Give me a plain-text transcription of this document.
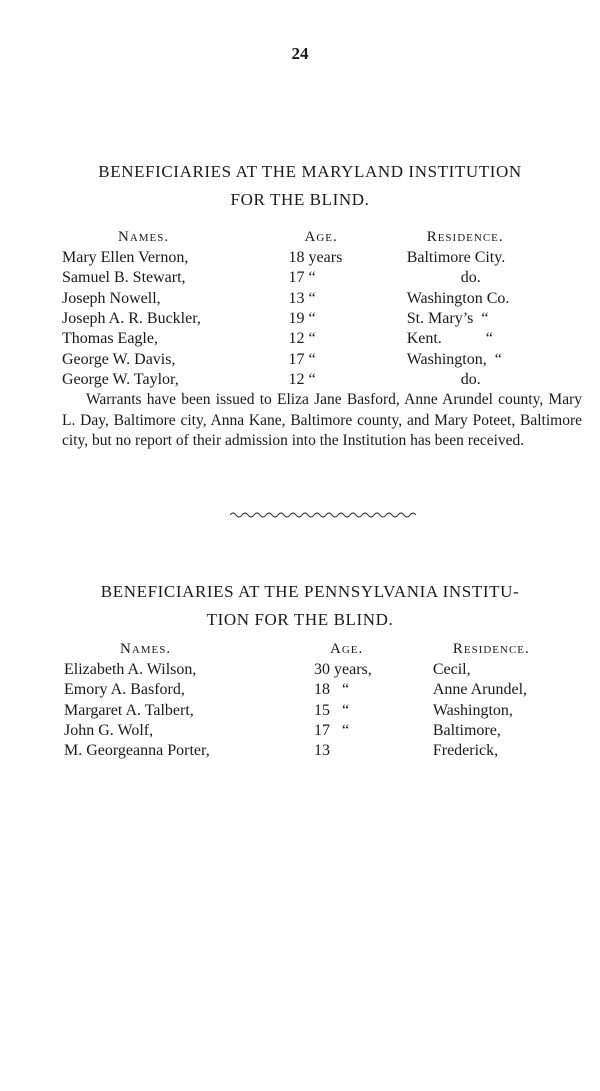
24
BENEFICIARIES AT THE MARYLAND INSTITUTION
FOR THE BLIND.
Names.	Age.	Residence.
Mary Ellen Vernon,	18 years	Baltimore City.
Samuel B. Stewart,	17 “	do.
Joseph Nowell,	13 “	Washington Co.
Joseph A. R. Buckler,	19 “	St. Mary’s  “
Thomas Eagle,	12 “	Kent.           “
George W. Davis,	17 “	Washington,  “
George W. Taylor,	12 “	do.

Warrants have been issued to Eliza Jane Basford, Anne Arundel county, Mary L. Day, Baltimore city, Anna Kane, Baltimore county, and Mary Poteet, Baltimore city, but no report of their admission into the Institution has been received.

BENEFICIARIES AT THE PENNSYLVANIA INSTITU-
TION FOR THE BLIND.
Names.	Age.	Residence.
Elizabeth A. Wilson,	30 years,	Cecil,
Emory A. Basford,	18   “	Anne Arundel,
Margaret A. Talbert,	15   “	Washington,
John G. Wolf,	17   “	Baltimore,
M. Georgeanna Porter,	13	Frederick,
